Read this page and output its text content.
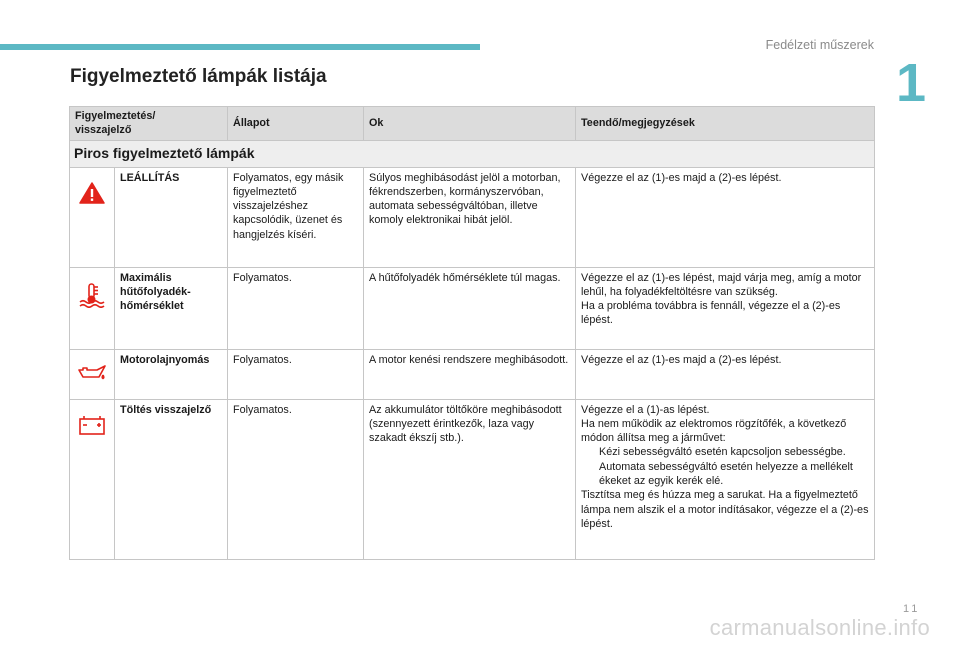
Fedélzeti műszerek
1
Figyelmeztető lámpák listája
Figyelmeztetés/
visszajelző		Állapot	Ok	Teendő/megjegyzések
Piros figyelmeztető lámpák				
	LEÁLLÍTÁS	Folyamatos, egy másik figyelmeztető visszajelzéshez kapcsolódik, üzenet és hangjelzés kíséri.	Súlyos meghibásodást jelöl a motorban, fékrendszerben, kormányszervóban, automata sebességváltóban, illetve komoly elektronikai hibát jelöl.	Végezze el az (1)-es majd a (2)-es lépést.
	Maximális hűtőfolyadék-hőmérséklet	Folyamatos.	A hűtőfolyadék hőmérséklete túl magas.	Végezze el az (1)-es lépést, majd várja meg, amíg a motor lehűl, ha folyadékfeltöltésre van szükség.
Ha a probléma továbbra is fennáll, végezze el a (2)-es lépést.
	Motorolajnyomás	Folyamatos.	A motor kenési rendszere meghibásodott.	Végezze el az (1)-es majd a (2)-es lépést.
	Töltés visszajelző	Folyamatos.	Az akkumulátor töltőköre meghibásodott (szennyezett érintkezők, laza vagy szakadt ékszíj stb.).	Végezze el a (1)-as lépést.
Ha nem működik az elektromos rögzítőfék, a következő módon állítsa meg a járművet:

Kézi sebességváltó esetén kapcsoljon sebességbe.

Automata sebességváltó esetén helyezze a mellékelt ékeket az egyik kerék elé.

Tisztítsa meg és húzza meg a sarukat. Ha a figyelmeztető lámpa nem alszik el a motor indításakor, végezze el a (2)-es lépést.

11
carmanualsonline.info
